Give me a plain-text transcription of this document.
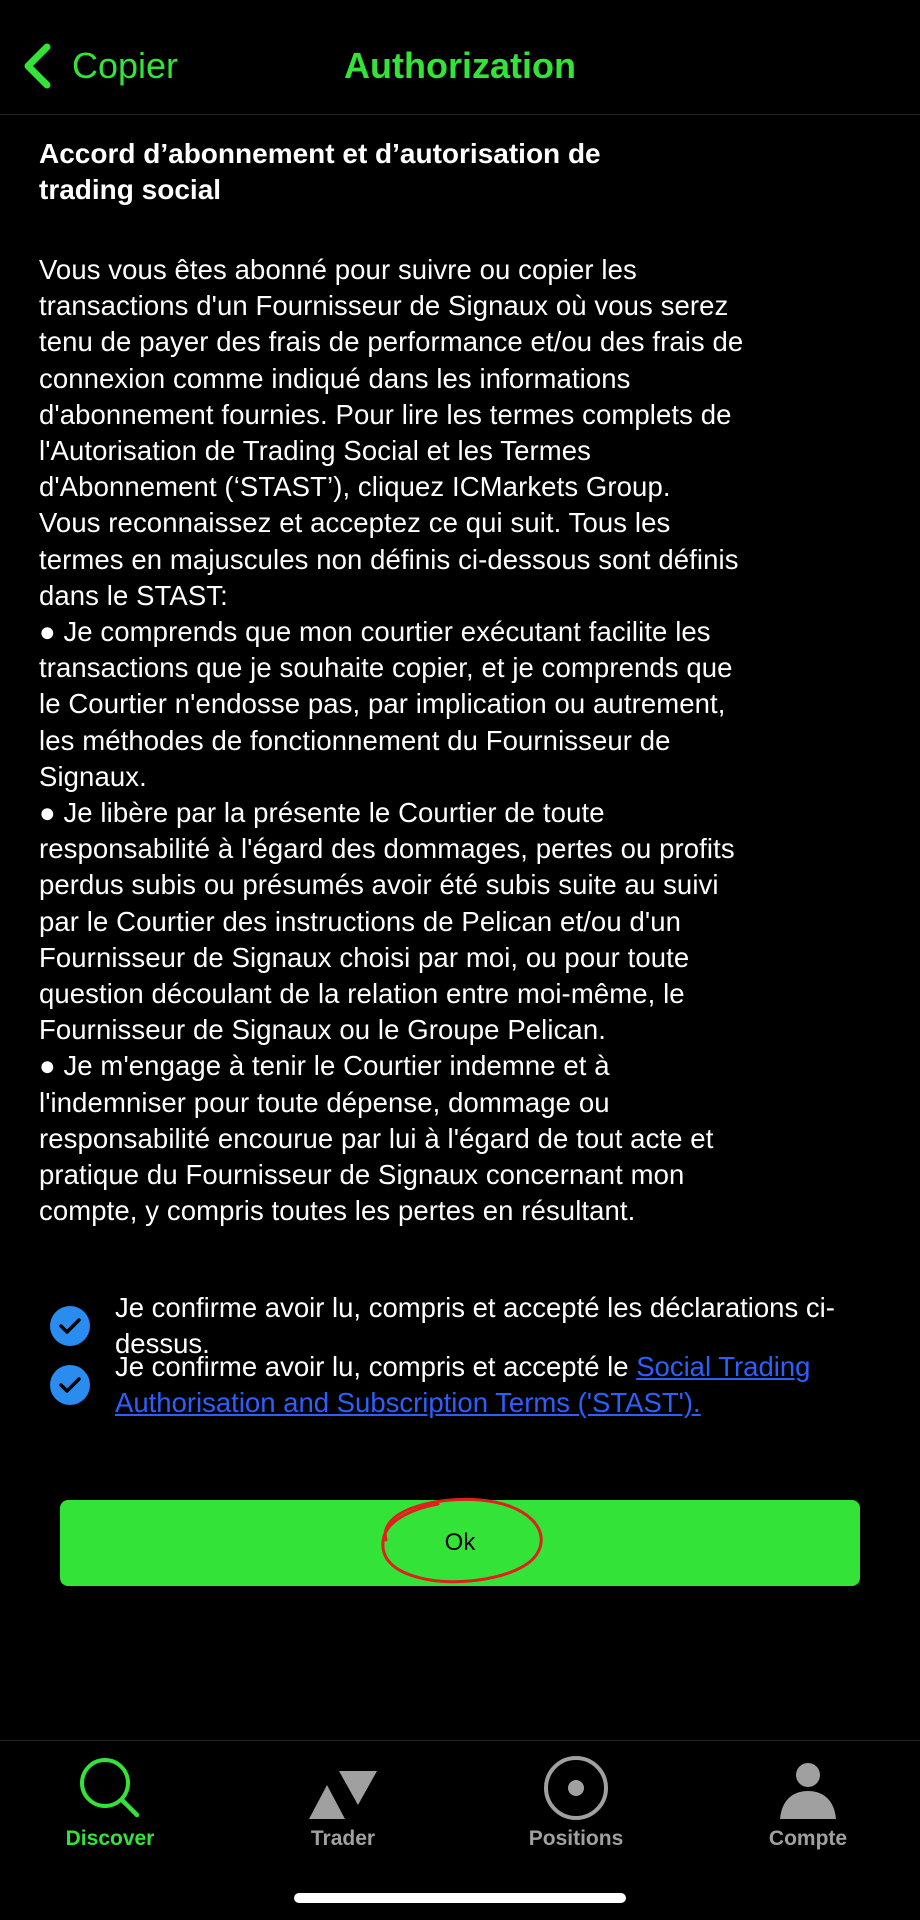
Copier	Authorization
Accord d’abonnement et d’autorisation de
trading social
Vous vous êtes abonné pour suivre ou copier les
transactions d'un Fournisseur de Signaux où vous serez
tenu de payer des frais de performance et/ou des frais de
connexion comme indiqué dans les informations
d'abonnement fournies. Pour lire les termes complets de
l'Autorisation de Trading Social et les Termes
d'Abonnement (‘STAST’), cliquez ICMarkets Group.
Vous reconnaissez et acceptez ce qui suit. Tous les
termes en majuscules non définis ci-dessous sont définis
dans le STAST:
● Je comprends que mon courtier exécutant facilite les
transactions que je souhaite copier, et je comprends que
le Courtier n'endosse pas, par implication ou autrement,
les méthodes de fonctionnement du Fournisseur de
Signaux.
● Je libère par la présente le Courtier de toute
responsabilité à l'égard des dommages, pertes ou profits
perdus subis ou présumés avoir été subis suite au suivi
par le Courtier des instructions de Pelican et/ou d'un
Fournisseur de Signaux choisi par moi, ou pour toute
question découlant de la relation entre moi-même, le
Fournisseur de Signaux ou le Groupe Pelican.
● Je m'engage à tenir le Courtier indemne et à
l'indemniser pour toute dépense, dommage ou
responsabilité encourue par lui à l'égard de tout acte et
pratique du Fournisseur de Signaux concernant mon
compte, y compris toutes les pertes en résultant.
Je confirme avoir lu, compris et accepté les déclarations ci-dessus.
Je confirme avoir lu, compris et accepté le Social Trading Authorisation and Subscription Terms ('STAST').
Ok
Discover	Trader	Positions	Compte
